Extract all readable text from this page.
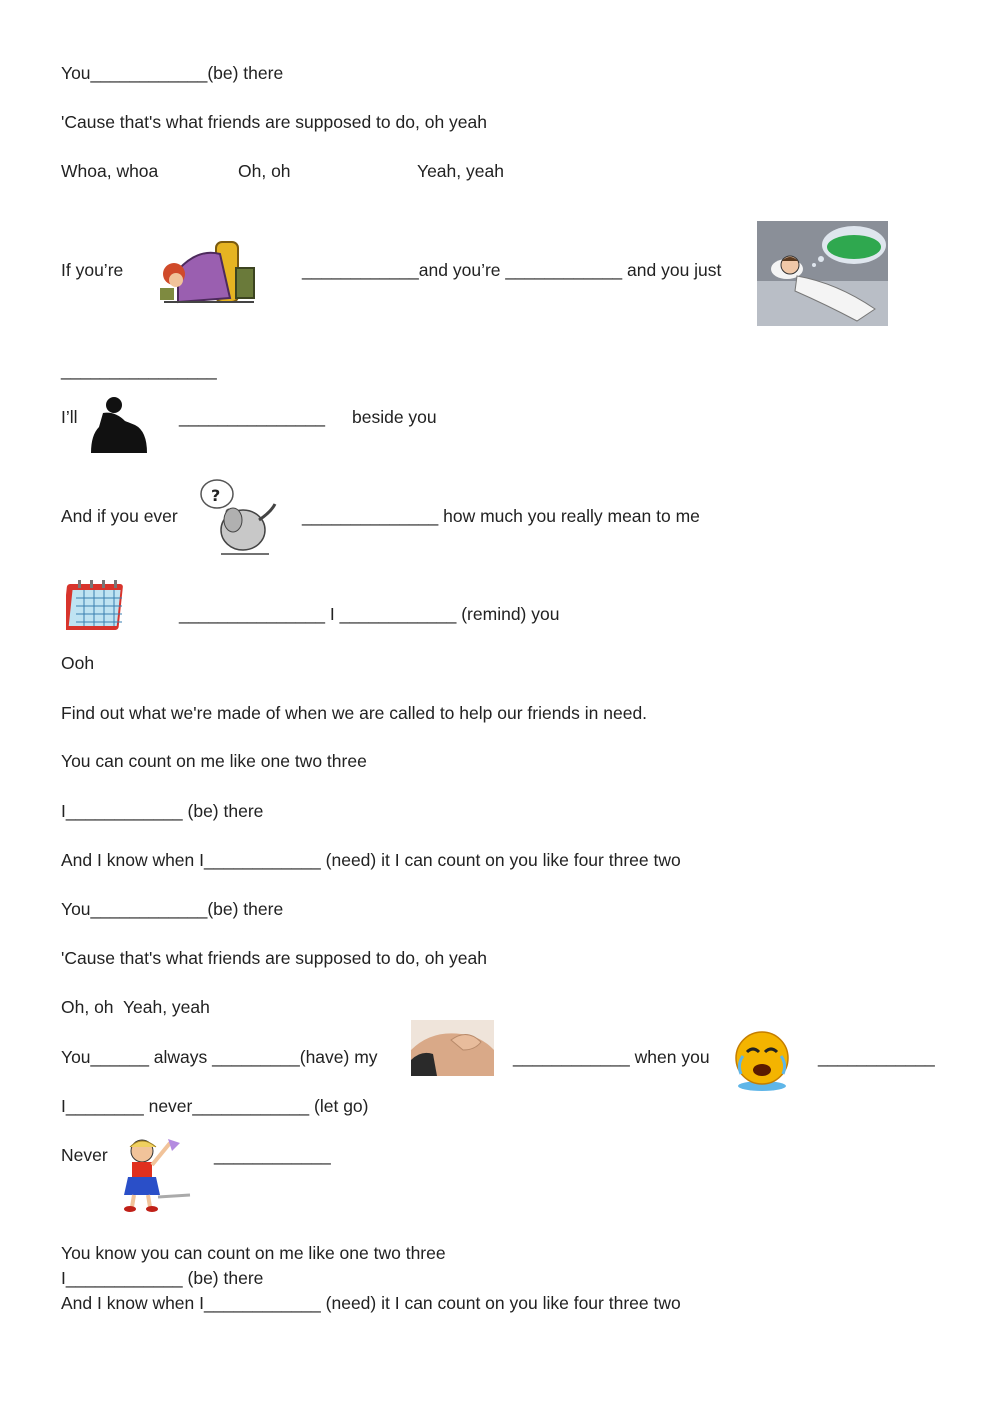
You____________(be) there
'Cause that's what friends are supposed to do, oh yeah
Whoa, whoa	Oh, oh	Yeah, yeah
If you’re	____________and you’re ____________ and you just
________________
I’ll	_______________ beside you
And if you ever
?
______________ how much you really mean to me
_______________ I ____________ (remind) you
Ooh
Find out what we're made of when we are called to help our friends in need.
You can count on me like one two three
I____________ (be) there
And I know when I____________ (need) it I can count on you like four three two
You____________(be) there
'Cause that's what friends are supposed to do, oh yeah
Oh, oh  Yeah, yeah
You______ always _________(have) my	____________ when you	____________
I________ never____________ (let go)
Never	____________
You know you can count on me like one two three
I____________ (be) there
And I know when I____________ (need) it I can count on you like four three two
